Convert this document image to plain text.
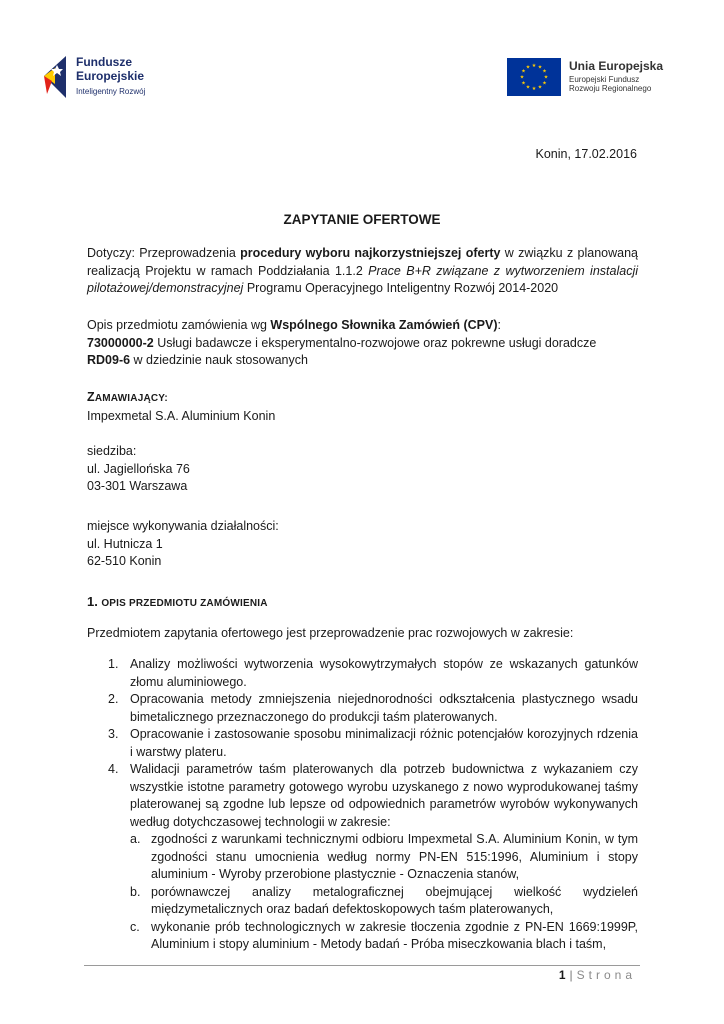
Fundusze
Europejskie
Inteligentny Rozwój
★ ★
★
★
★
★
★
★
★
★
★
★	Unia Europejska
Europejski Fundusz
Rozwoju Regionalnego
Konin, 17.02.2016
ZAPYTANIE OFERTOWE

Dotyczy: Przeprowadzenia procedury wyboru najkorzystniejszej oferty w związku z planowaną realizacją Projektu w ramach Poddziałania 1.1.2 Prace B+R związane z wytworzeniem instalacji pilotażowej/demonstracyjnej Programu Operacyjnego Inteligentny Rozwój 2014-2020

Opis przedmiotu zamówienia wg Wspólnego Słownika Zamówień (CPV):
73000000-2 Usługi badawcze i eksperymentalno-rozwojowe oraz pokrewne usługi doradcze
RD09-6 w dziedzinie nauk stosowanych
ZAMAWIAJĄCY:
Impexmetal S.A. Aluminium Konin
siedziba:
ul. Jagiellońska 76
03-301 Warszawa
miejsce wykonywania działalności:
ul. Hutnicza 1
62-510 Konin
1. OPIS PRZEDMIOTU ZAMÓWIENIA
Przedmiotem zapytania ofertowego jest przeprowadzenie prac rozwojowych w zakresie:
1. Analizy możliwości wytworzenia wysokowytrzymałych stopów ze wskazanych gatunków złomu aluminiowego.
2. Opracowania metody zmniejszenia niejednorodności odkształcenia plastycznego wsadu bimetalicznego przeznaczonego do produkcji taśm platerowanych.
3. Opracowanie i zastosowanie sposobu minimalizacji różnic potencjałów korozyjnych rdzenia i warstwy plateru.
4. Walidacji parametrów taśm platerowanych dla potrzeb budownictwa z wykazaniem czy wszystkie istotne parametry gotowego wyrobu uzyskanego z nowo wyprodukowanej taśmy platerowanej są zgodne lub lepsze od odpowiednich parametrów wyrobów wykonywanych według dotychczasowej technologii w zakresie:
a. zgodności z warunkami technicznymi odbioru Impexmetal S.A. Aluminium Konin, w tym zgodności stanu umocnienia według normy PN-EN 515:1996, Aluminium i stopy aluminium - Wyroby przerobione plastycznie - Oznaczenia stanów,
b. porównawczej analizy metalograficznej obejmującej wielkość wydzieleń międzymetalicznych oraz badań defektoskopowych taśm platerowanych,
c. wykonanie prób technologicznych w zakresie tłoczenia zgodnie z PN-EN 1669:1999P, Aluminium i stopy aluminium - Metody badań - Próba miseczkowania blach i taśm,
1 | Strona
